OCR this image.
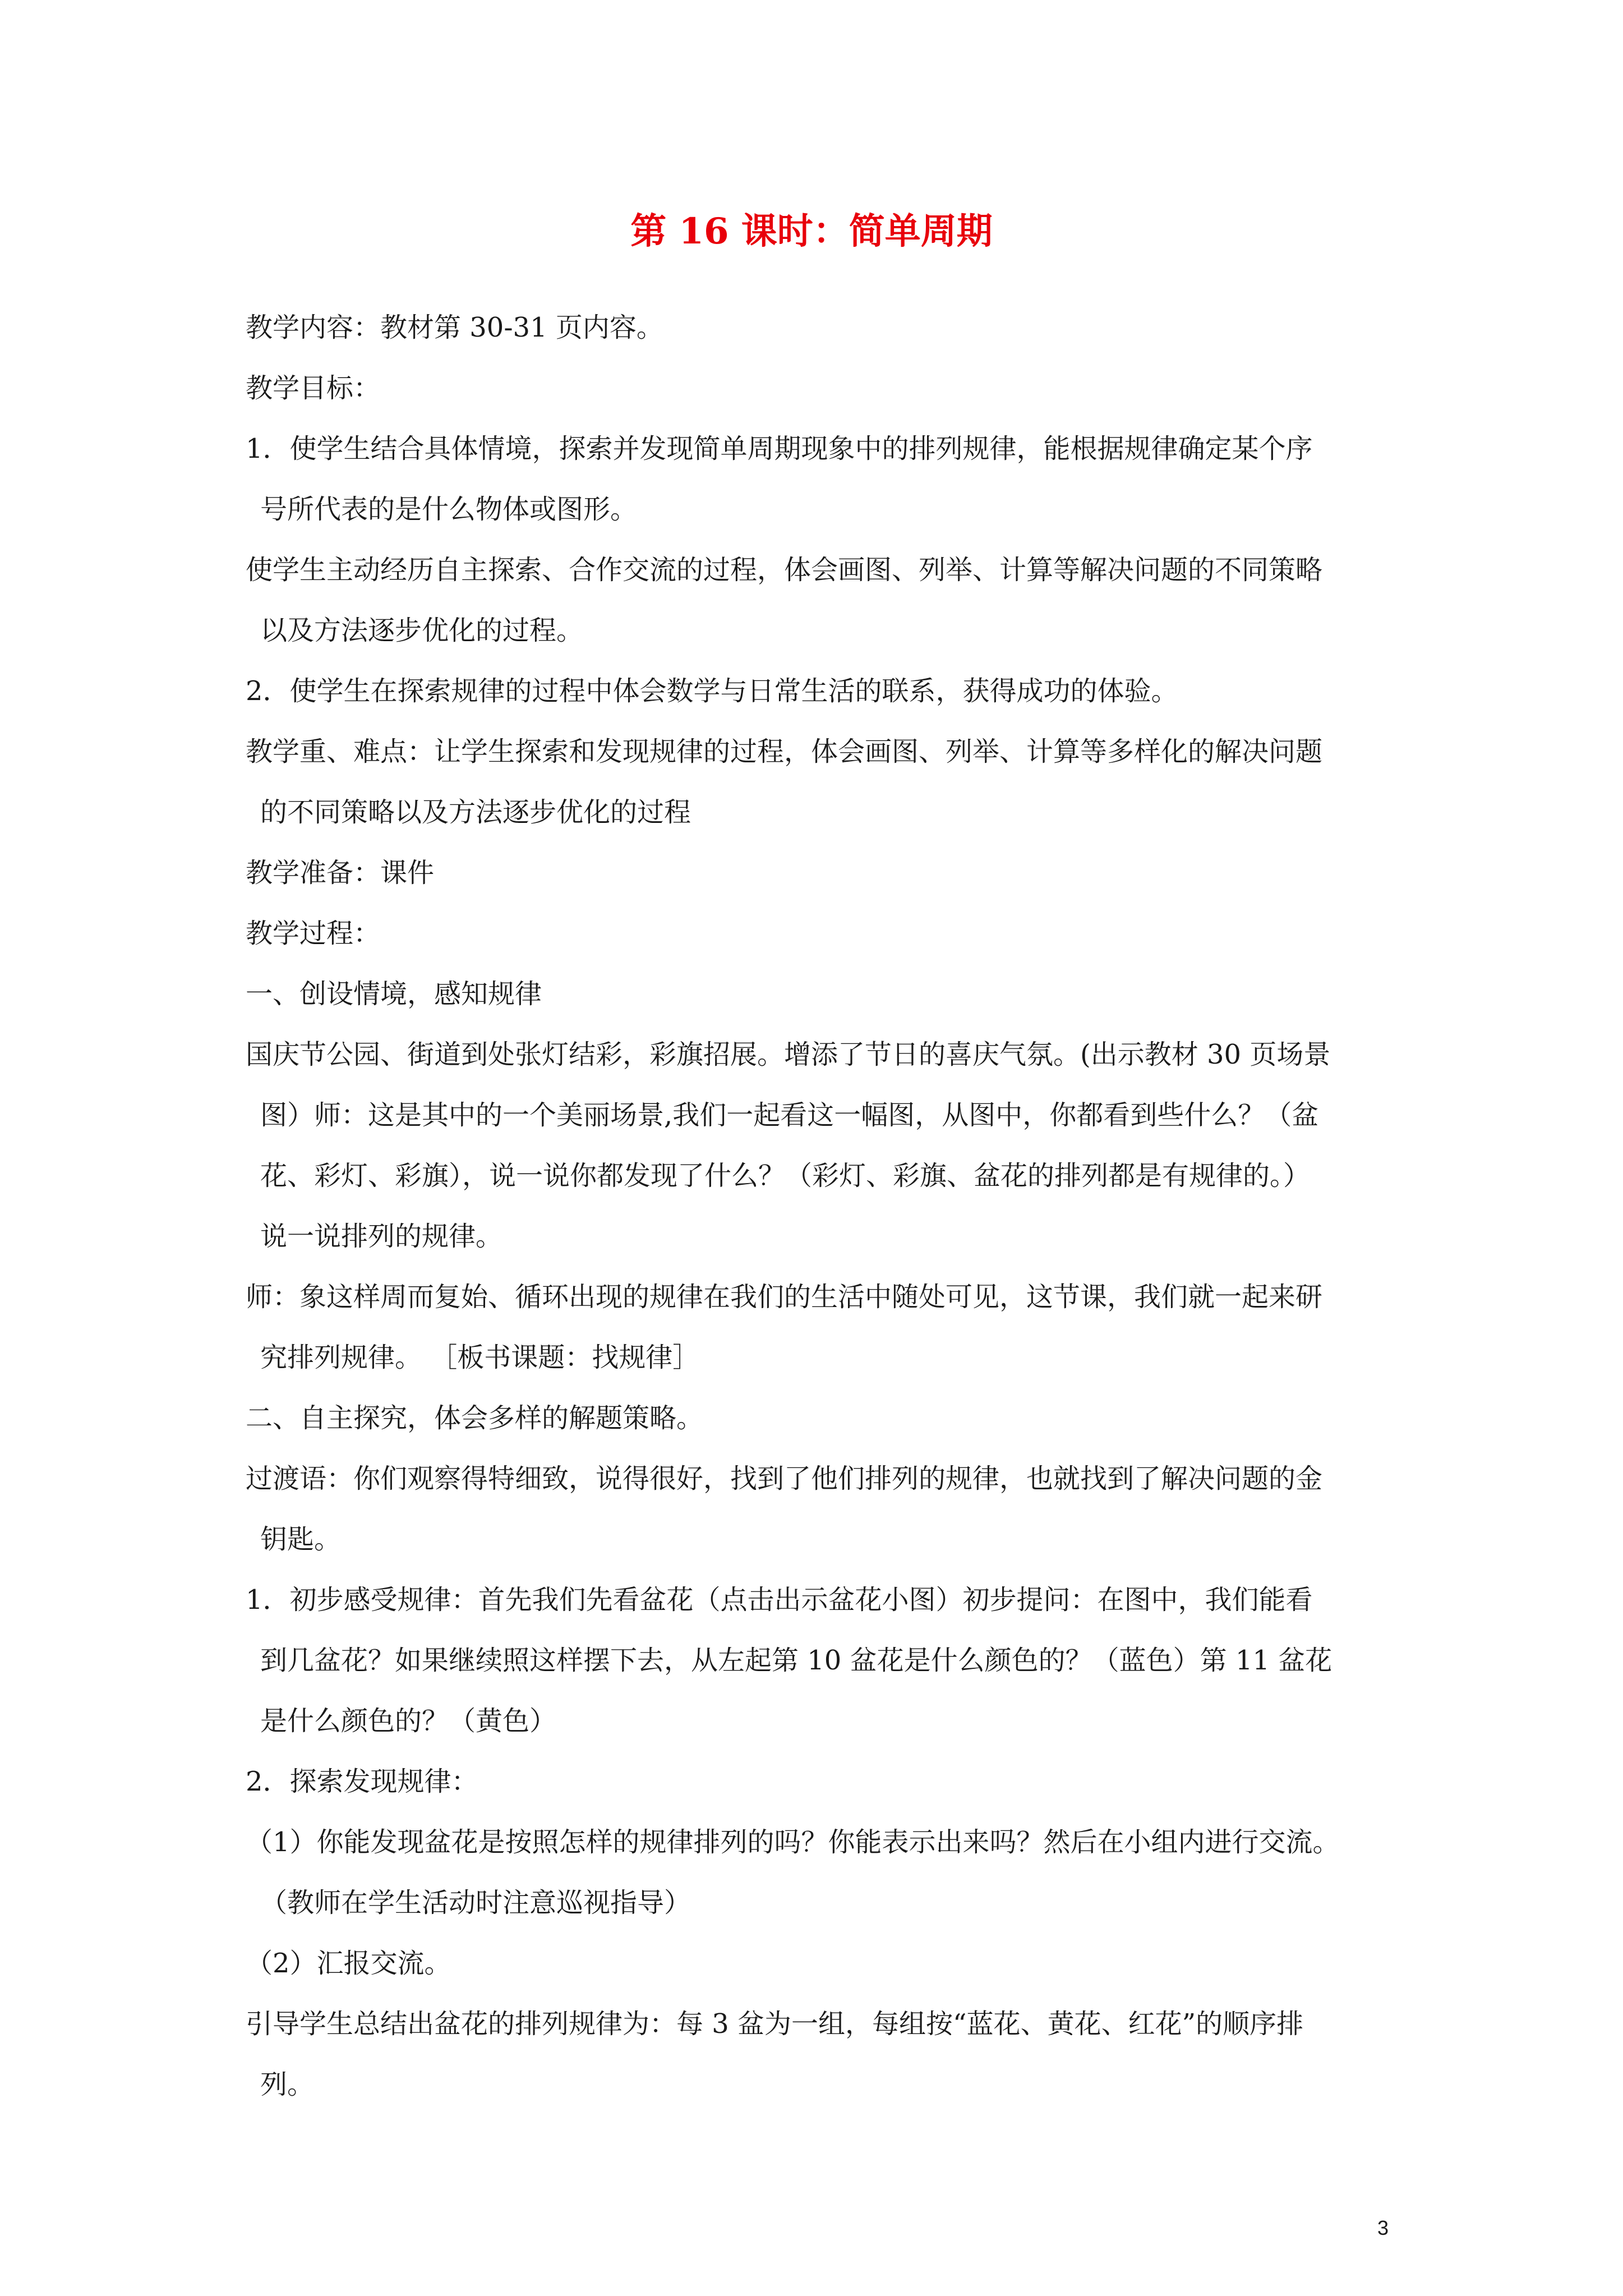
第 16 课时：简单周期
教学内容：教材第 30-31 页内容。
教学目标：
1．使学生结合具体情境，探索并发现简单周期现象中的排列规律，能根据规律确定某个序
号所代表的是什么物体或图形。
使学生主动经历自主探索、合作交流的过程，体会画图、列举、计算等解决问题的不同策略
以及方法逐步优化的过程。
2．使学生在探索规律的过程中体会数学与日常生活的联系，获得成功的体验。
教学重、难点：让学生探索和发现规律的过程，体会画图、列举、计算等多样化的解决问题
的不同策略以及方法逐步优化的过程
教学准备：课件
教学过程：
一、创设情境，感知规律
国庆节公园、街道到处张灯结彩，彩旗招展。增添了节日的喜庆气氛。(出示教材 30 页场景
图）师：这是其中的一个美丽场景,我们一起看这一幅图，从图中，你都看到些什么？（盆
花、彩灯、彩旗），说一说你都发现了什么？（彩灯、彩旗、盆花的排列都是有规律的。）
说一说排列的规律。
师：象这样周而复始、循环出现的规律在我们的生活中随处可见，这节课，我们就一起来研
究排列规律。 ［板书课题：找规律］
二、自主探究，体会多样的解题策略。
过渡语：你们观察得特细致，说得很好，找到了他们排列的规律，也就找到了解决问题的金
钥匙。
1．初步感受规律：首先我们先看盆花（点击出示盆花小图）初步提问：在图中，我们能看
到几盆花？如果继续照这样摆下去，从左起第 10 盆花是什么颜色的？（蓝色）第 11 盆花
是什么颜色的？（黄色）
2．探索发现规律：
（1）你能发现盆花是按照怎样的规律排列的吗？你能表示出来吗？然后在小组内进行交流。
（教师在学生活动时注意巡视指导）
（2）汇报交流。
引导学生总结出盆花的排列规律为：每 3 盆为一组，每组按“蓝花、黄花、红花”的顺序排
列。
3
